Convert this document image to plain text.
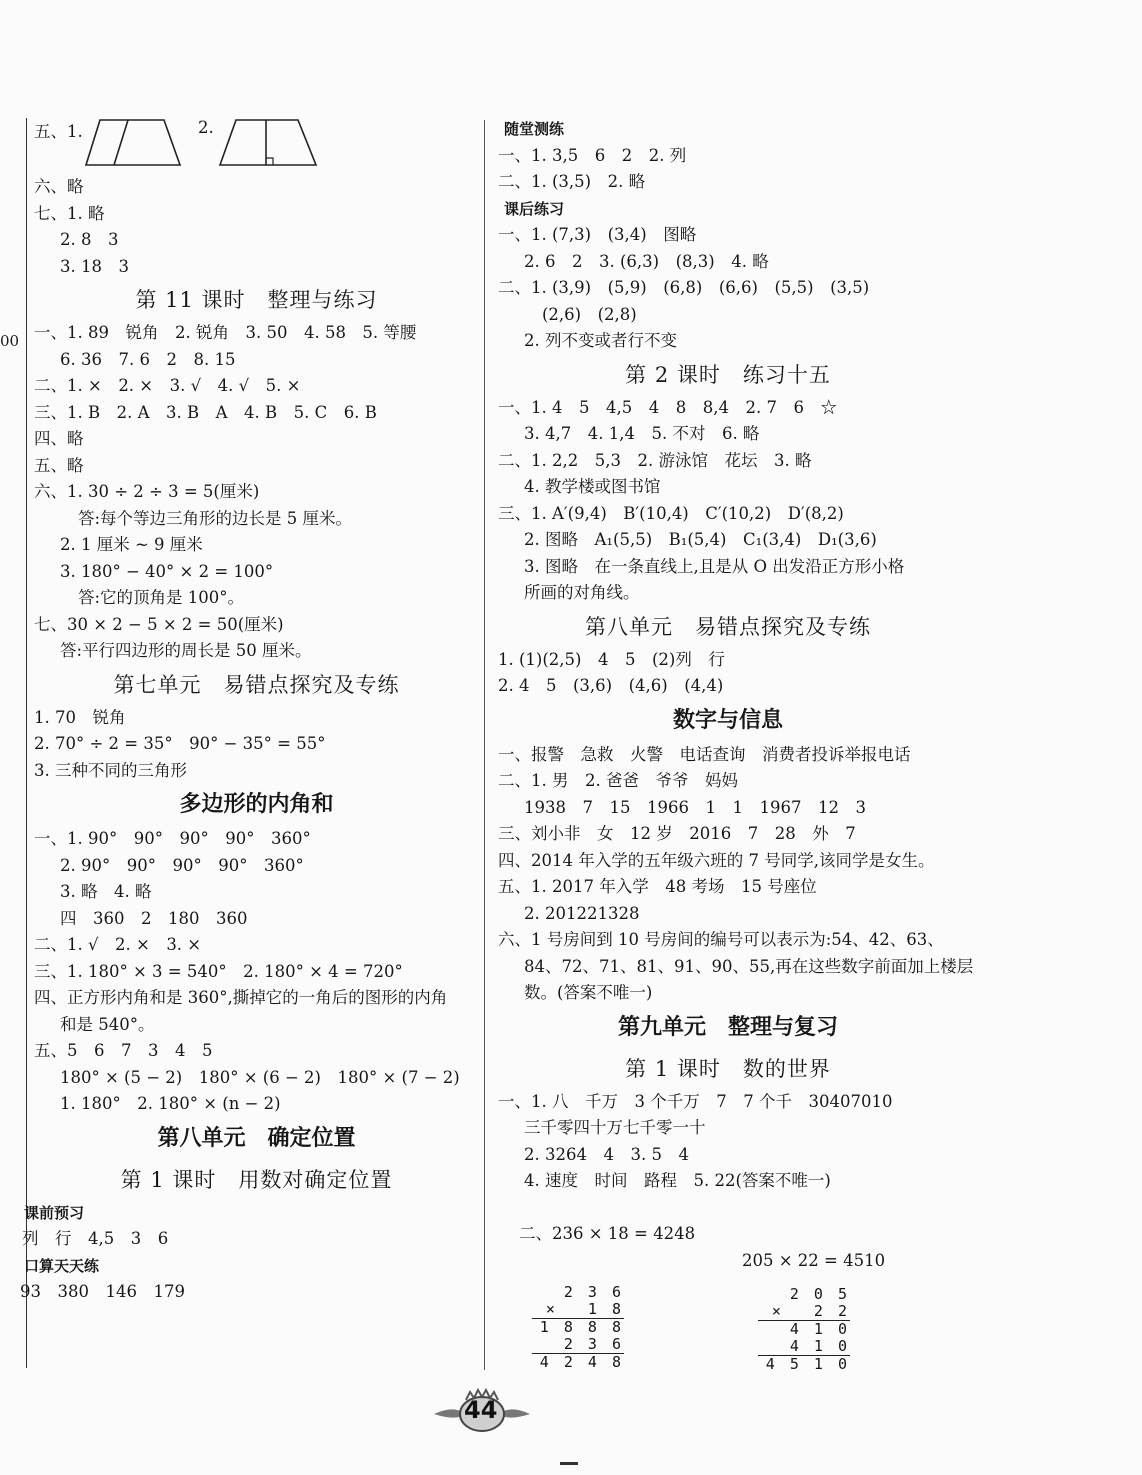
00
五、1.	2.
六、略
七、1. 略
2. 8　3
3. 18　3
第 11 课时　整理与练习
一、1. 89　锐角　2. 锐角　3. 50　4. 58　5. 等腰
6. 36　7. 6　2　8. 15
二、1. ×　2. ×　3. √　4. √　5. ×
三、1. B　2. A　3. B　A　4. B　5. C　6. B
四、略
五、略
六、1. 30 ÷ 2 ÷ 3 = 5(厘米)
答:每个等边三角形的边长是 5 厘米。
2. 1 厘米 ~ 9 厘米
3. 180° − 40° × 2 = 100°
答:它的顶角是 100°。
七、30 × 2 − 5 × 2 = 50(厘米)
答:平行四边形的周长是 50 厘米。
第七单元　易错点探究及专练
1. 70　锐角
2. 70° ÷ 2 = 35°　90° − 35° = 55°
3. 三种不同的三角形
多边形的内角和
一、1. 90°　90°　90°　90°　360°
2. 90°　90°　90°　90°　360°
3. 略　4. 略
四　360　2　180　360
二、1. √　2. ×　3. ×
三、1. 180° × 3 = 540°　2. 180° × 4 = 720°
四、正方形内角和是 360°,撕掉它的一角后的图形的内角
和是 540°。
五、5　6　7　3　4　5
180° × (5 − 2)　180° × (6 − 2)　180° × (7 − 2)
1. 180°　2. 180° × (n − 2)
第八单元　确定位置
第 1 课时　用数对确定位置
课前预习
列　行　4,5　3　6
口算天天练
93　380　146　179
随堂测练
一、1. 3,5　6　2　2. 列
二、1. (3,5)　2. 略
课后练习
一、1. (7,3)　(3,4)　图略
2. 6　2　3. (6,3)　(8,3)　4. 略
二、1. (3,9)　(5,9)　(6,8)　(6,6)　(5,5)　(3,5)
(2,6)　(2,8)
2. 列不变或者行不变
第 2 课时　练习十五
一、1. 4　5　4,5　4　8　8,4　2. 7　6　☆
3. 4,7　4. 1,4　5. 不对　6. 略
二、1. 2,2　5,3　2. 游泳馆　花坛　3. 略
4. 教学楼或图书馆
三、1. A′(9,4)　B′(10,4)　C′(10,2)　D′(8,2)
2. 图略　A₁(5,5)　B₁(5,4)　C₁(3,4)　D₁(3,6)
3. 图略　在一条直线上,且是从 O 出发沿正方形小格
所画的对角线。
第八单元　易错点探究及专练
1. (1)(2,5)　4　5　(2)列　行
2. 4　5　(3,6)　(4,6)　(4,4)
数字与信息
一、报警　急救　火警　电话查询　消费者投诉举报电话
二、1. 男　2. 爸爸　爷爷　妈妈
1938　7　15　1966　1　1　1967　12　3
三、刘小非　女　12 岁　2016　7　28　外　7
四、2014 年入学的五年级六班的 7 号同学,该同学是女生。
五、1. 2017 年入学　48 考场　15 号座位
2. 201221328
六、1 号房间到 10 号房间的编号可以表示为:54、42、63、
84、72、71、81、91、90、55,再在这些数字前面加上楼层
数。(答案不唯一)
第九单元　整理与复习
第 1 课时　数的世界
一、1. 八　千万　3 个千万　7　7 个千　30407010
三千零四十万七千零一十
2. 3264　4　3. 5　4
4. 速度　时间　路程　5. 22(答案不唯一)

二、236 × 18 = 4248

205 × 22 = 4510

2 3 6
× 　1 8
1 8 8 8
2 3 6 　
4 2 4 8
2 0 5
× 　2 2
4 1 0
4 1 0 　
4 5 1 0
44
